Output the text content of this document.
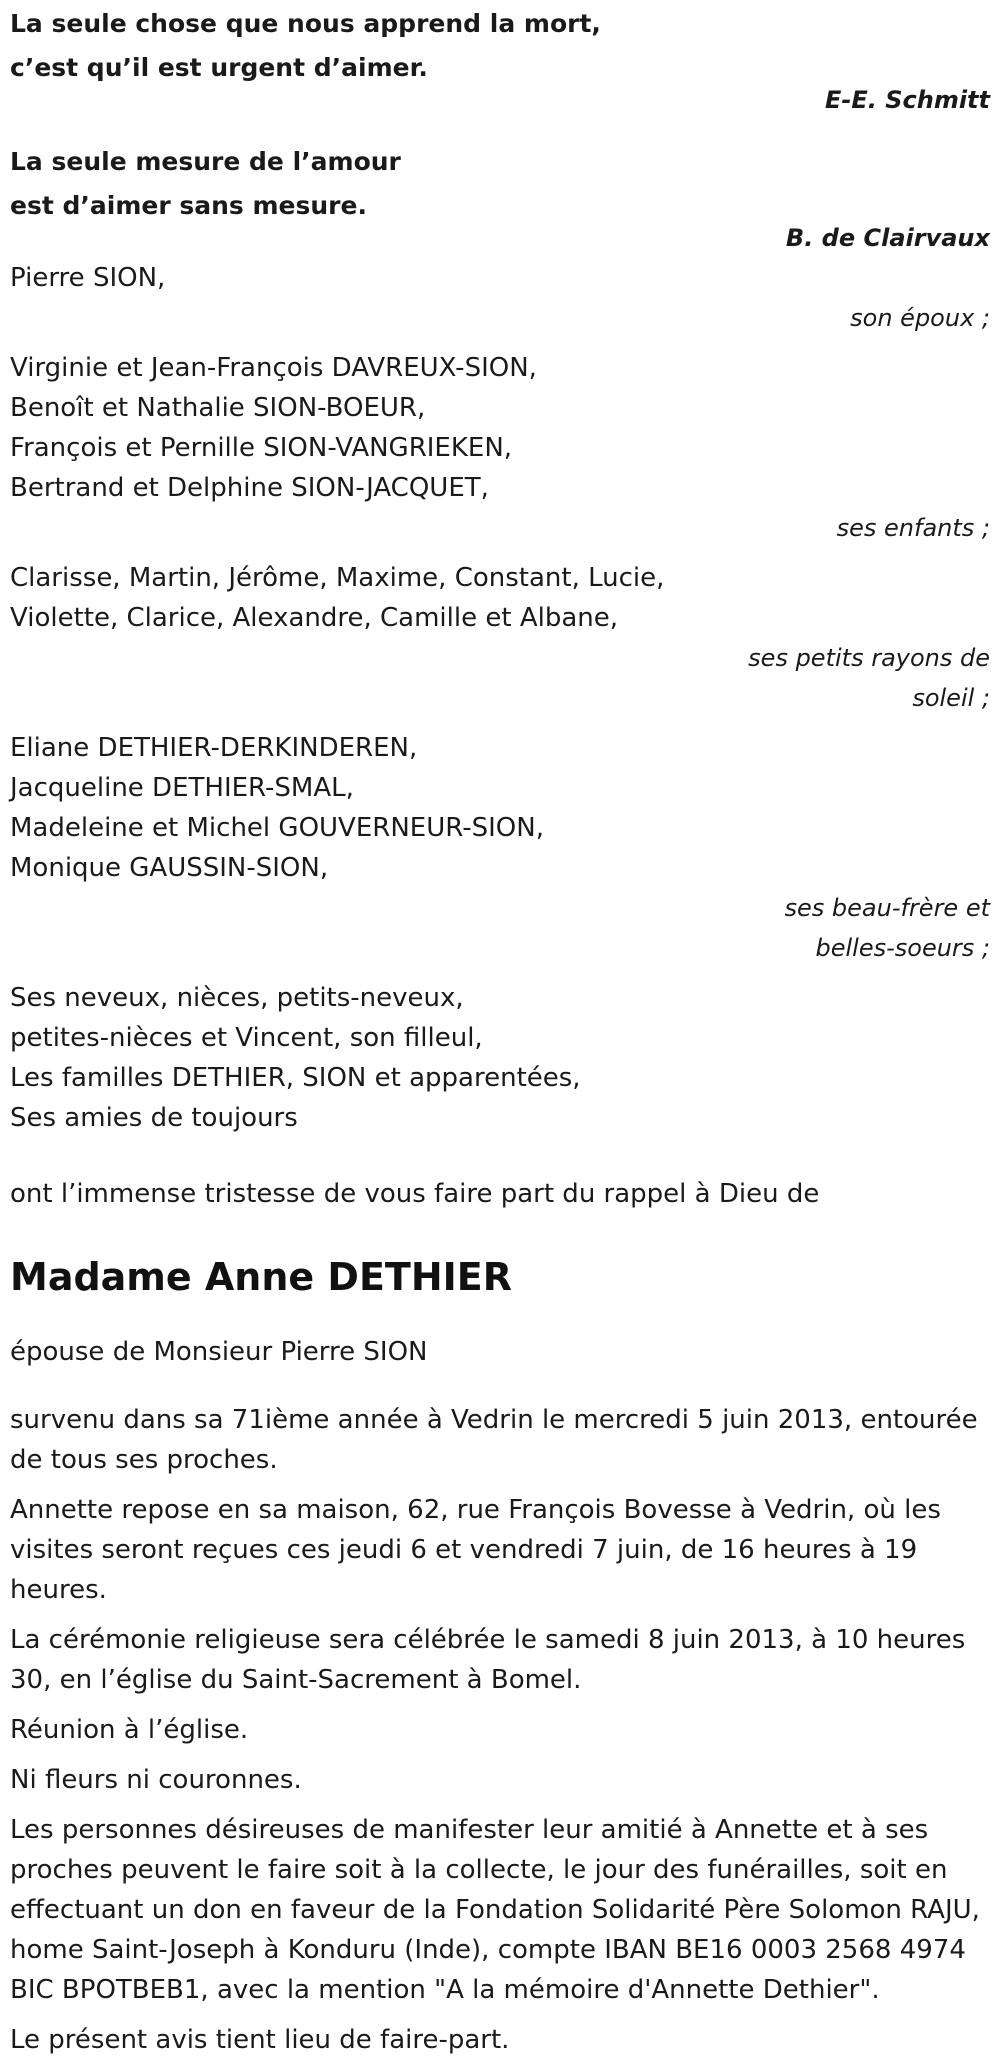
La seule chose que nous apprend la mort,

c’est qu’il est urgent d’aimer.

E-E. Schmitt

La seule mesure de l’amour

est d’aimer sans mesure.

B. de Clairvaux

Pierre SION,

son époux ;

Virginie et Jean-François DAVREUX-SION,

Benoît et Nathalie SION-BOEUR,

François et Pernille SION-VANGRIEKEN,

Bertrand et Delphine SION-JACQUET,

ses enfants ;

Clarisse, Martin, Jérôme, Maxime, Constant, Lucie,

Violette, Clarice, Alexandre, Camille et Albane,

ses petits rayons de

soleil ;

Eliane DETHIER-DERKINDEREN,

Jacqueline DETHIER-SMAL,

Madeleine et Michel GOUVERNEUR-SION,

Monique GAUSSIN-SION,

ses beau-frère et

belles-soeurs ;

Ses neveux, nièces, petits-neveux,

petites-nièces et Vincent, son filleul,

Les familles DETHIER, SION et apparentées,

Ses amies de toujours

ont l’immense tristesse de vous faire part du rappel à Dieu de

Madame Anne DETHIER

épouse de Monsieur Pierre SION

survenu dans sa 71ième année à Vedrin le mercredi 5 juin 2013, entourée de tous ses proches.

Annette repose en sa maison, 62, rue François Bovesse à Vedrin, où les visites seront reçues ces jeudi 6 et vendredi 7 juin, de 16 heures à 19 heures.

La cérémonie religieuse sera célébrée le samedi 8 juin 2013, à 10 heures 30, en l’église du Saint-Sacrement à Bomel.

Réunion à l’église.

Ni fleurs ni couronnes.

Les personnes désireuses de manifester leur amitié à Annette et à ses proches peuvent le faire soit à la collecte, le jour des funérailles, soit en effectuant un don en faveur de la Fondation Solidarité Père Solomon RAJU, home Saint-Joseph à Konduru (Inde), compte IBAN BE16 0003 2568 4974 BIC BPOTBEB1, avec la mention "A la mémoire d'Annette Dethier".

Le présent avis tient lieu de faire-part.
